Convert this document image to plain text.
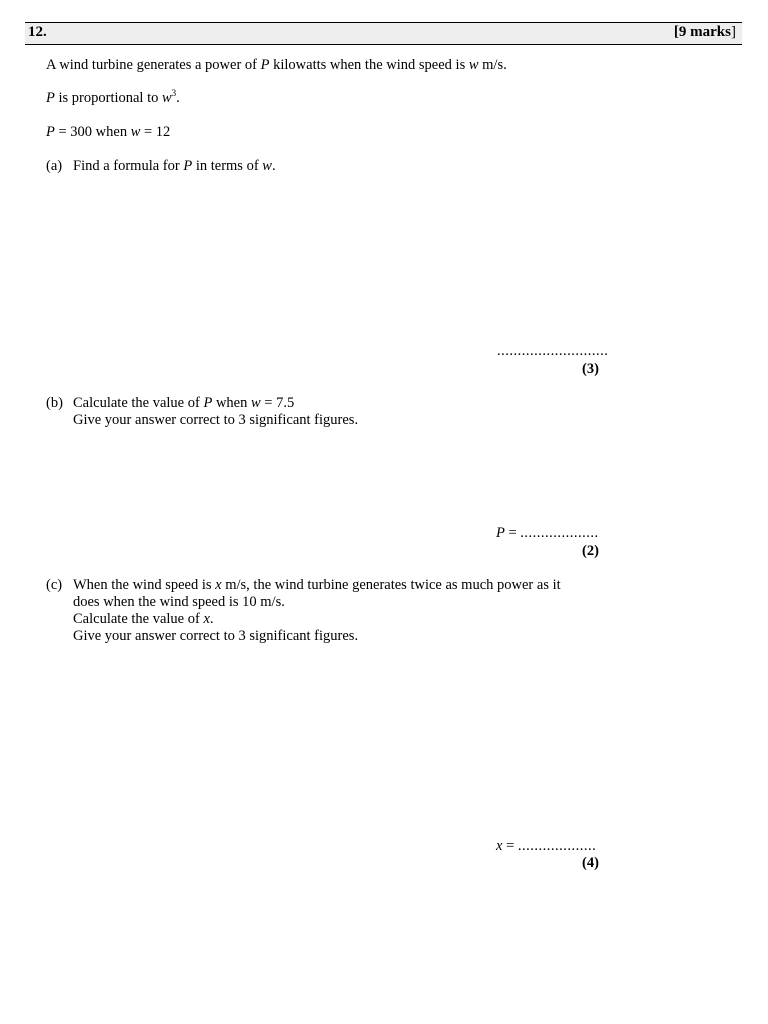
12.	[9 marks]
A wind turbine generates a power of P kilowatts when the wind speed is w m/s.
P is proportional to $w^3$.
P = 300 when w = 12
(a) Find a formula for P in terms of w.
...........................
(3)
(b) Calculate the value of P when w = 7.5
Give your answer correct to 3 significant figures.
P = ...................
(2)
(c) When the wind speed is x m/s, the wind turbine generates twice as much power as it
does when the wind speed is 10 m/s.
Calculate the value of x.
Give your answer correct to 3 significant figures.
x = ...................
(4)
